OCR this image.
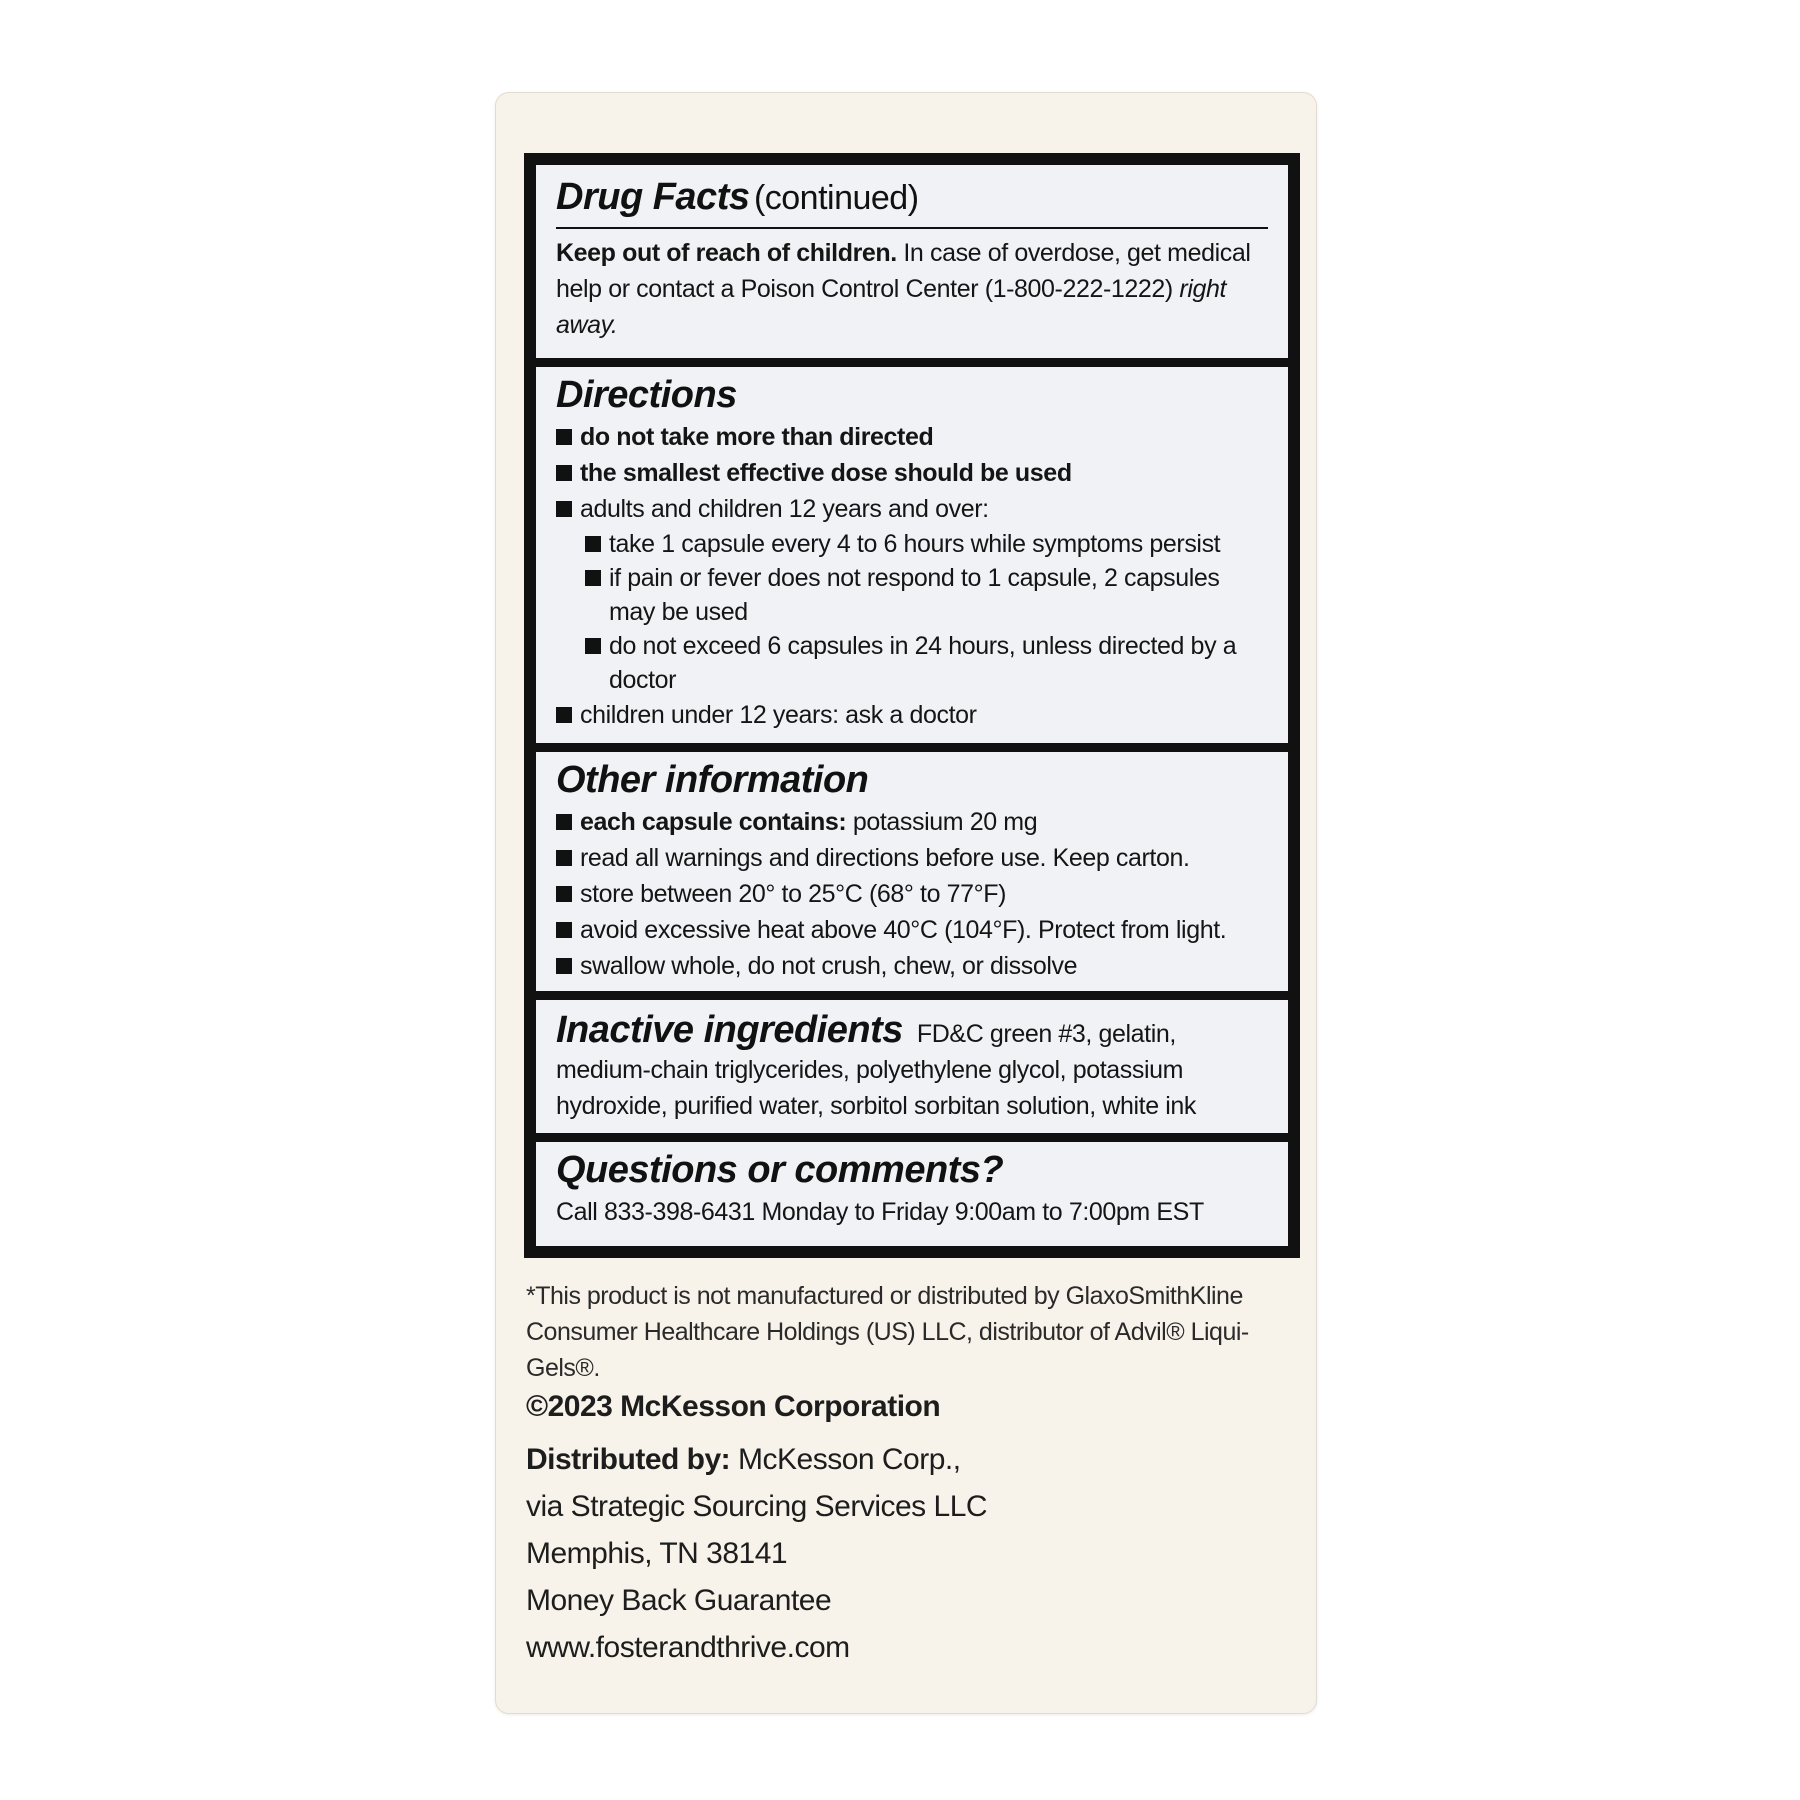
Drug Facts (continued)
Keep out of reach of children. In case of overdose, get medical help or contact a Poison Control Center (1-800-222-1222) right away.
Directions
do not take more than directed
the smallest effective dose should be used
adults and children 12 years and over:
take 1 capsule every 4 to 6 hours while symptoms persist
if pain or fever does not respond to 1 capsule, 2 capsules may be used
do not exceed 6 capsules in 24 hours, unless directed by a doctor
children under 12 years: ask a doctor
Other information
each capsule contains: potassium 20 mg
read all warnings and directions before use. Keep carton.
store between 20° to 25°C (68° to 77°F)
avoid excessive heat above 40°C (104°F). Protect from light.
swallow whole, do not crush, chew, or dissolve
Inactive ingredients FD&C green #3, gelatin, medium-chain triglycerides, polyethylene glycol, potassium hydroxide, purified water, sorbitol sorbitan solution, white ink
Questions or comments?
Call 833-398-6431 Monday to Friday 9:00am to 7:00pm EST
*This product is not manufactured or distributed by GlaxoSmithKline Consumer Healthcare Holdings (US) LLC, distributor of Advil® Liqui-Gels®.
©2023 McKesson Corporation
Distributed by: McKesson Corp.,
via Strategic Sourcing Services LLC
Memphis, TN 38141
Money Back Guarantee
www.fosterandthrive.com
